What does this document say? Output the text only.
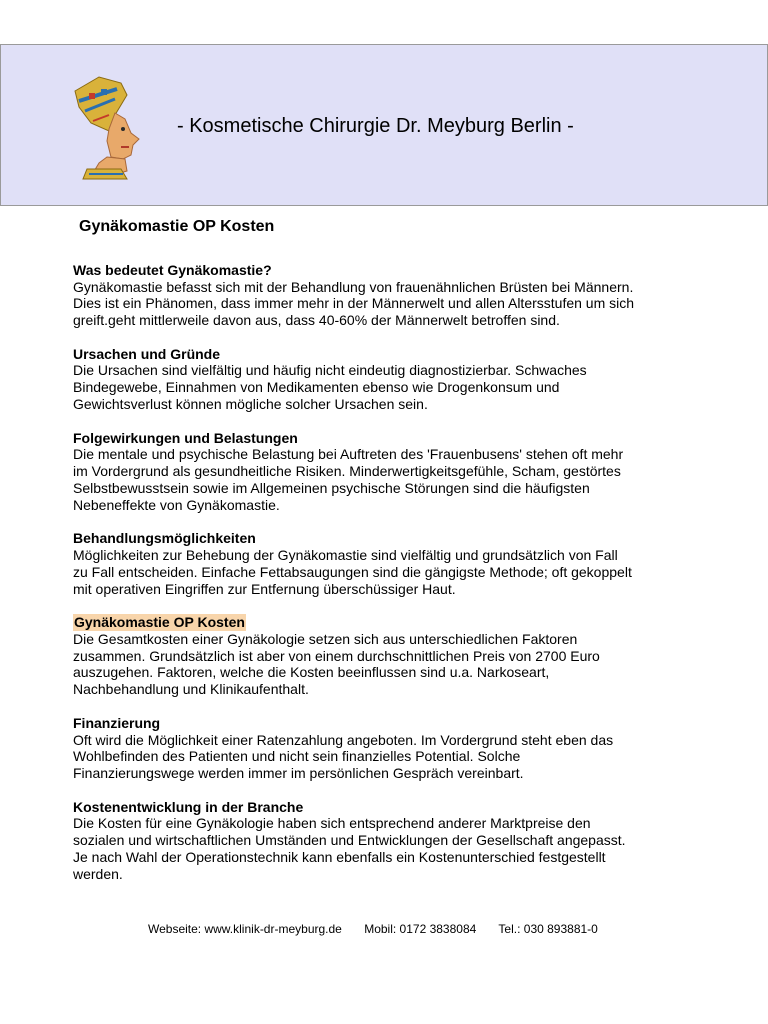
- Kosmetische Chirurgie Dr. Meyburg Berlin -
Gynäkomastie OP Kosten
Was bedeutet Gynäkomastie?

Gynäkomastie befasst sich mit der Behandlung von frauenähnlichen Brüsten bei Männern.
Dies ist ein Phänomen, dass immer mehr in der Männerwelt und allen Altersstufen um sich
greift.geht mittlerweile davon aus, dass 40-60% der Männerwelt betroffen sind.

Ursachen und Gründe

Die Ursachen sind vielfältig und häufig nicht eindeutig diagnostizierbar. Schwaches
Bindegewebe, Einnahmen von Medikamenten ebenso wie Drogenkonsum und
Gewichtsverlust können mögliche solcher Ursachen sein.

Folgewirkungen und Belastungen

Die mentale und psychische Belastung bei Auftreten des 'Frauenbusens' stehen oft mehr
im Vordergrund als gesundheitliche Risiken. Minderwertigkeitsgefühle, Scham, gestörtes
Selbstbewusstsein sowie im Allgemeinen psychische Störungen sind die häufigsten
Nebeneffekte von Gynäkomastie.

Behandlungsmöglichkeiten

Möglichkeiten zur Behebung der Gynäkomastie sind vielfältig und grundsätzlich von Fall
zu Fall entscheiden. Einfache Fettabsaugungen sind die gängigste Methode; oft gekoppelt
mit operativen Eingriffen zur Entfernung überschüssiger Haut.

Gynäkomastie OP Kosten

Die Gesamtkosten einer Gynäkologie setzen sich aus unterschiedlichen Faktoren
zusammen. Grundsätzlich ist aber von einem durchschnittlichen Preis von 2700 Euro
auszugehen. Faktoren, welche die Kosten beeinflussen sind u.a. Narkoseart,
Nachbehandlung und Klinikaufenthalt.

Finanzierung

Oft wird die Möglichkeit einer Ratenzahlung angeboten. Im Vordergrund steht eben das
Wohlbefinden des Patienten und nicht sein finanzielles Potential. Solche
Finanzierungswege werden immer im persönlichen Gespräch vereinbart.

Kostenentwicklung in der Branche

Die Kosten für eine Gynäkologie haben sich entsprechend anderer Marktpreise den
sozialen und wirtschaftlichen Umständen und Entwicklungen der Gesellschaft angepasst.
Je nach Wahl der Operationstechnik kann ebenfalls ein Kostenunterschied festgestellt
werden.

Webseite: www.klinik-dr-meyburg.de Mobil: 0172 3838084 Tel.: 030 893881-0
